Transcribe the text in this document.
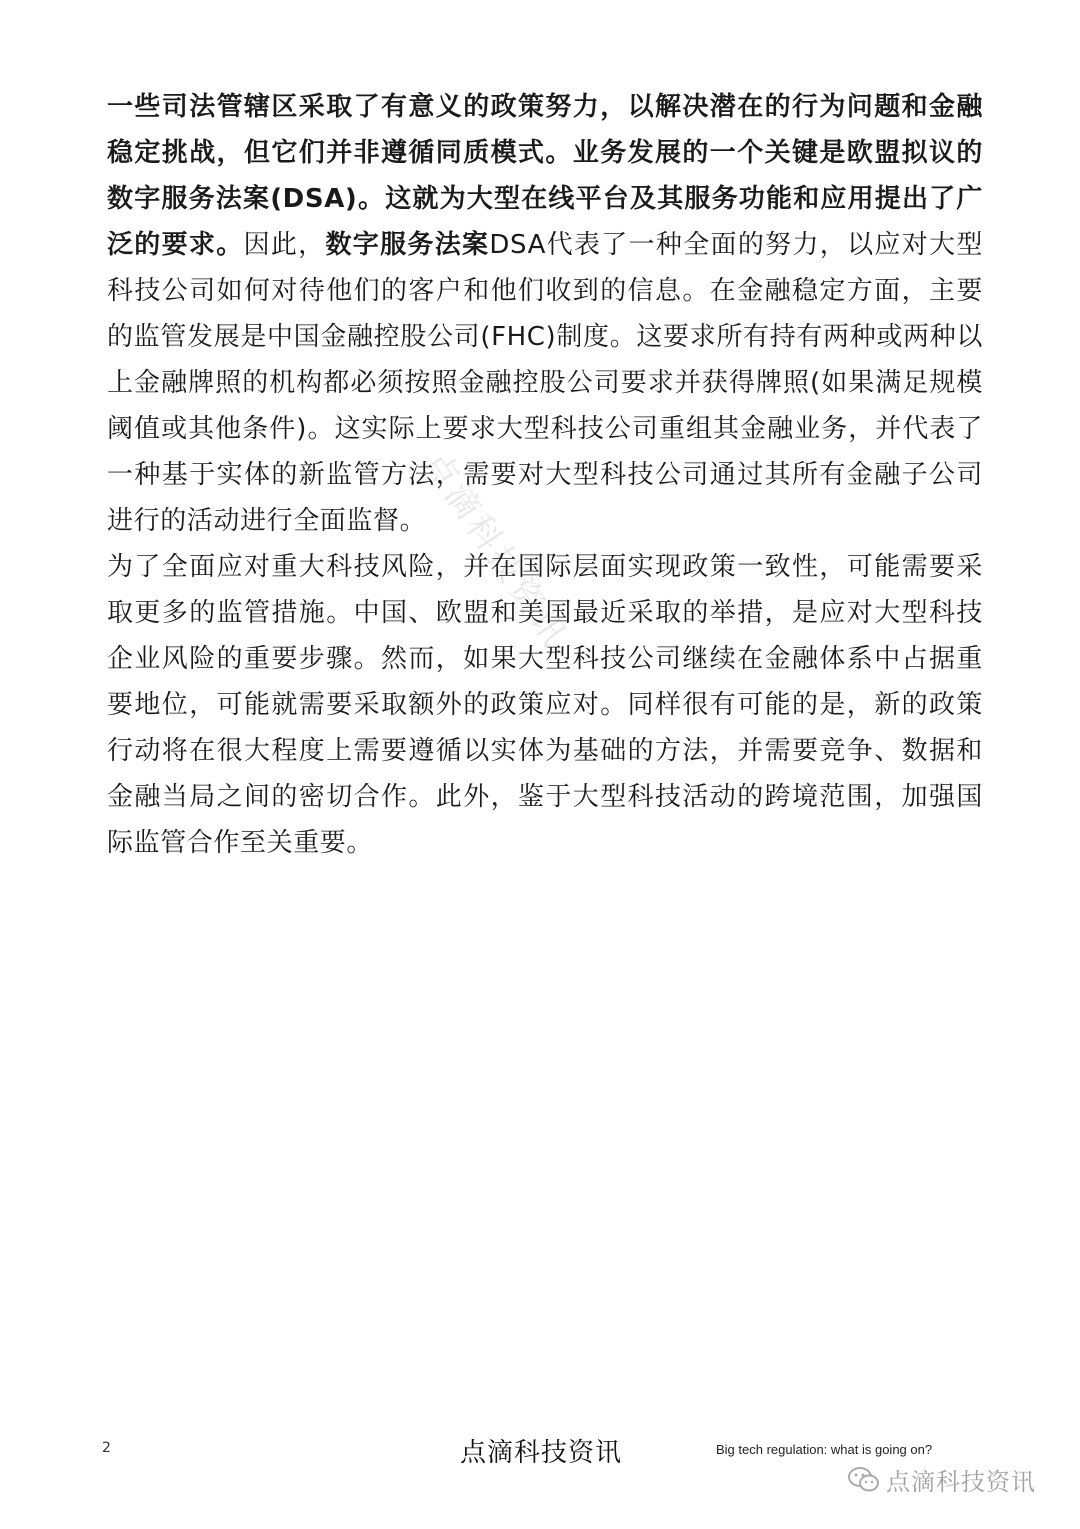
点滴科技资讯

一些司法管辖区采取了有意义的政策努力，以解决潜在的行为问题和金融稳定挑战，但它们并非遵循同质模式。业务发展的一个关键是欧盟拟议的数字服务法案(DSA)。这就为大型在线平台及其服务功能和应用提出了广泛的要求。因此，数字服务法案DSA代表了一种全面的努力，以应对大型科技公司如何对待他们的客户和他们收到的信息。在金融稳定方面，主要的监管发展是中国金融控股公司(FHC)制度。这要求所有持有两种或两种以上金融牌照的机构都必须按照金融控股公司要求并获得牌照(如果满足规模阈值或其他条件)。这实际上要求大型科技公司重组其金融业务，并代表了一种基于实体的新监管方法，需要对大型科技公司通过其所有金融子公司进行的活动进行全面监督。

为了全面应对重大科技风险，并在国际层面实现政策一致性，可能需要采取更多的监管措施。中国、欧盟和美国最近采取的举措，是应对大型科技企业风险的重要步骤。然而，如果大型科技公司继续在金融体系中占据重要地位，可能就需要采取额外的政策应对。同样很有可能的是，新的政策行动将在很大程度上需要遵循以实体为基础的方法，并需要竞争、数据和金融当局之间的密切合作。此外，鉴于大型科技活动的跨境范围，加强国际监管合作至关重要。

2	点滴科技资讯	Big tech regulation: what is going on?
点滴科技资讯
